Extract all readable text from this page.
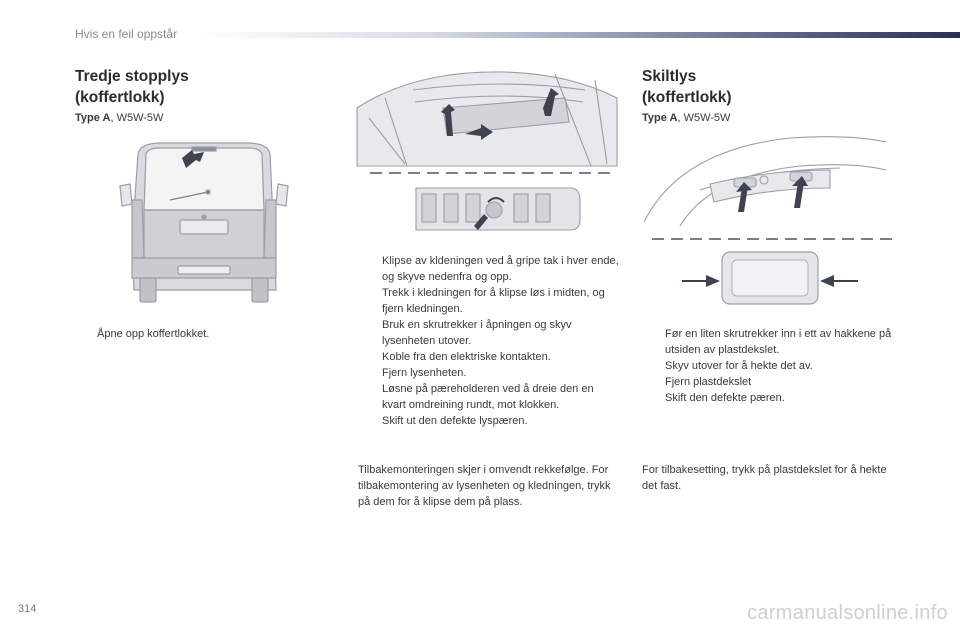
Hvis en feil oppstår
Tredje stopplys
(koffertlokk)
Type A, W5W-5W
Åpne opp koffertlokket.
Klipse av kldeningen ved å gripe tak i hver ende, og skyve nedenfra og opp.
Trekk i kledningen for å klipse løs i midten, og fjern kledningen.
Bruk en skrutrekker i åpningen og skyv lysenheten utover.
Koble fra den elektriske kontakten.
Fjern lysenheten.
Løsne på pæreholderen ved å dreie den en kvart omdreining rundt, mot klokken.
Skift ut den defekte lyspæren.
Tilbakemonteringen skjer i omvendt rekkefølge. For tilbakemontering av lysenheten og kledningen, trykk på dem for å klipse dem på plass.
Skiltlys
(koffertlokk)
Type A, W5W-5W
Før en liten skrutrekker inn i ett av hakkene på utsiden av plastdekslet.
Skyv utover for å hekte det av.
Fjern plastdekslet
Skift den defekte pæren.
For tilbakesetting, trykk på plastdekslet for å hekte det fast.
314	carmanualsonline.info
